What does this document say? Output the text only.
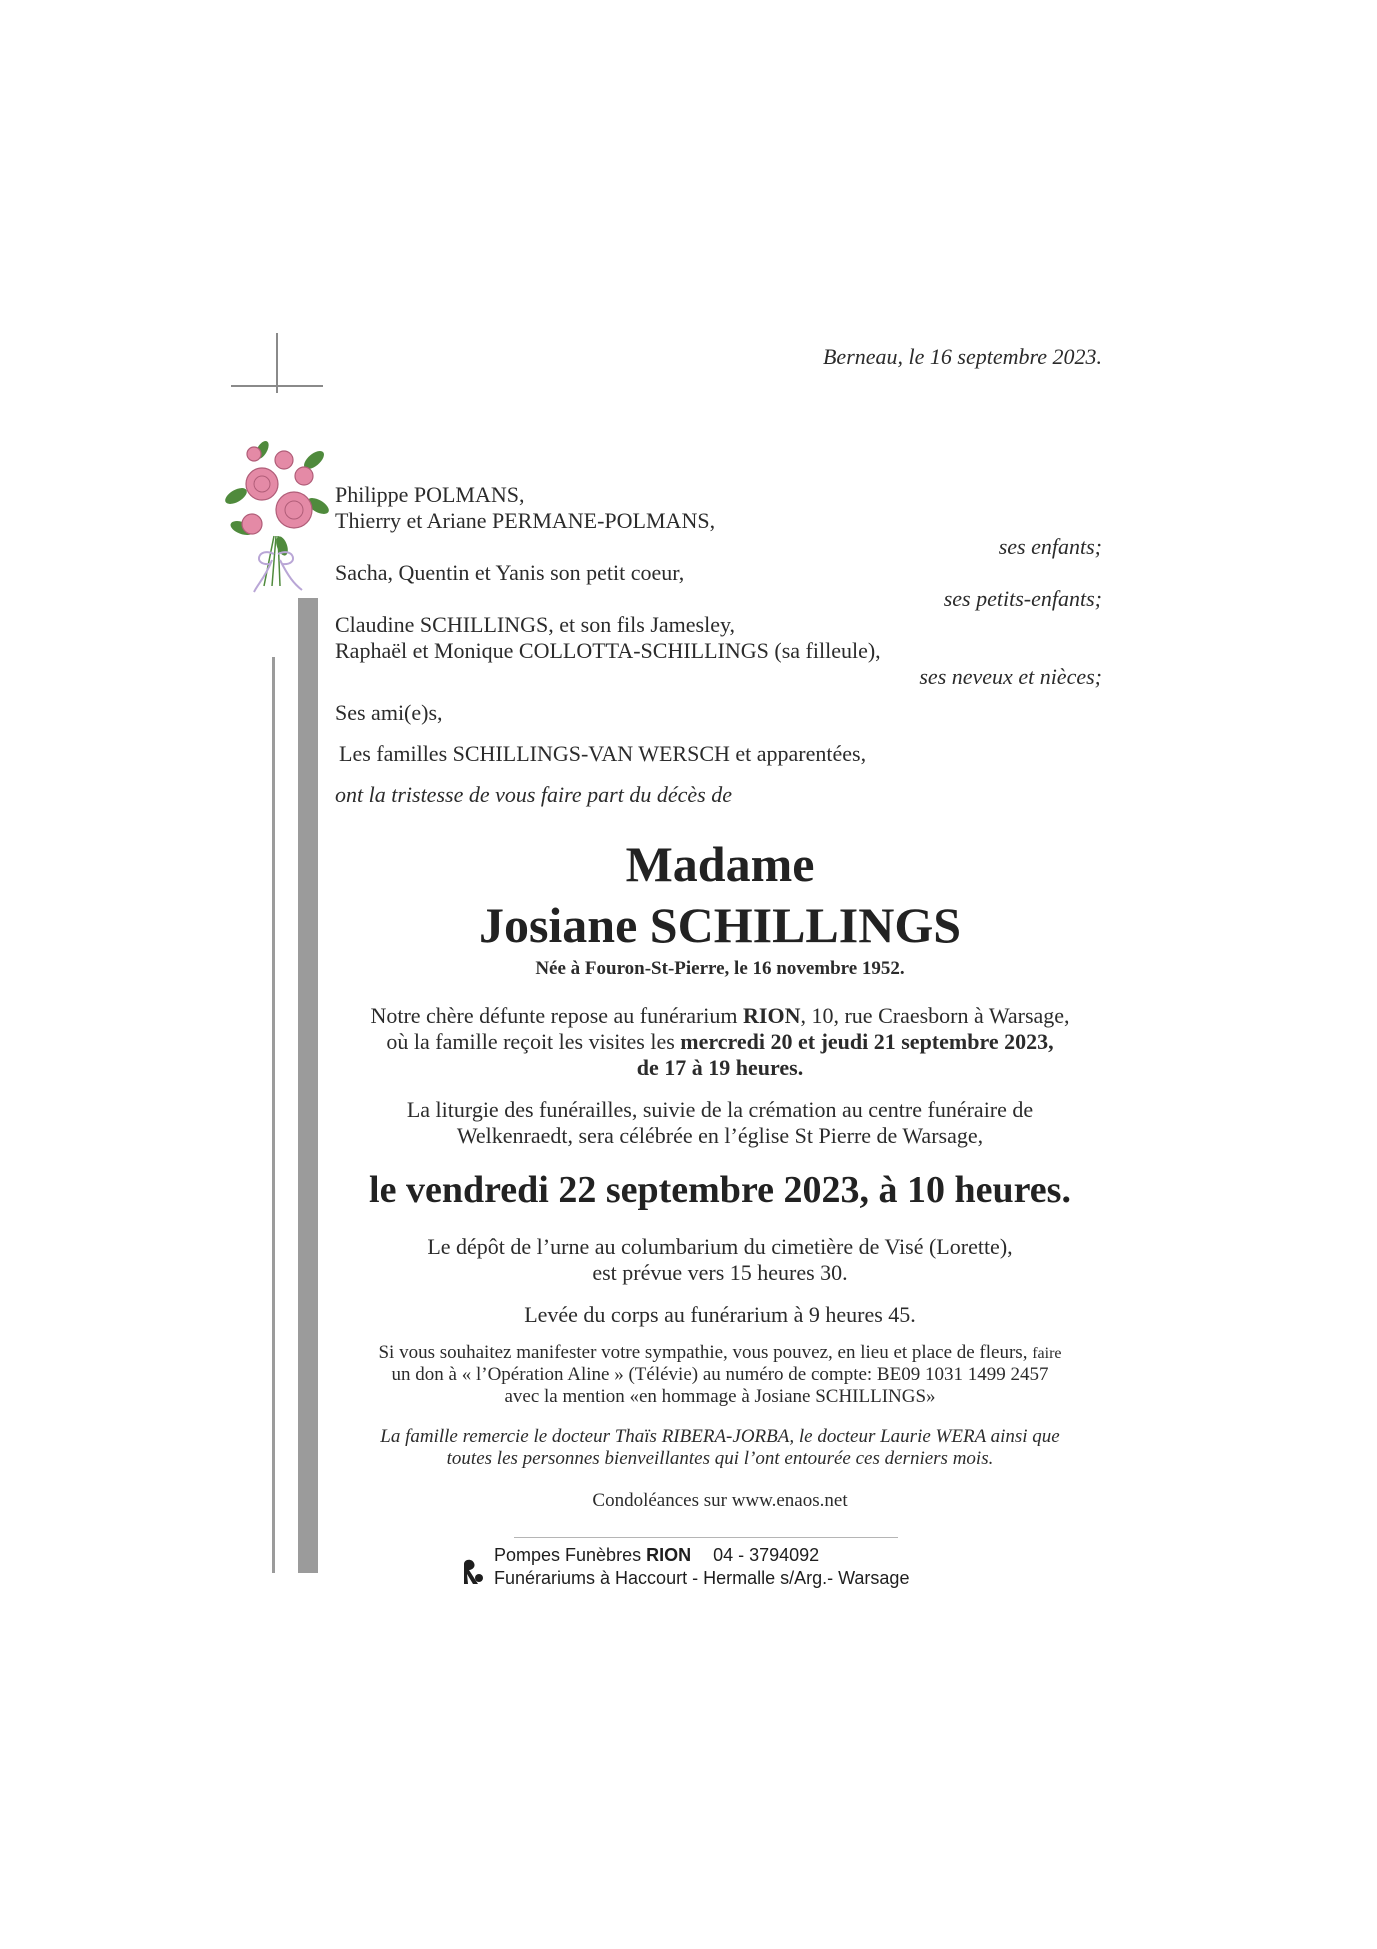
Berneau, le 16 septembre 2023.
Philippe POLMANS,
Thierry et Ariane PERMANE-POLMANS,
ses enfants;
Sacha, Quentin et Yanis son petit coeur,
ses petits-enfants;
Claudine SCHILLINGS, et son fils Jamesley,
Raphaël et Monique COLLOTTA-SCHILLINGS (sa filleule),
ses neveux et nièces;
Ses ami(e)s,
Les familles SCHILLINGS-VAN WERSCH et apparentées,
ont la tristesse de vous faire part du décès de
Madame
Josiane SCHILLINGS
Née à Fouron-St-Pierre, le 16 novembre 1952.
Notre chère défunte repose au funérarium RION, 10, rue Craesborn à Warsage,
où la famille reçoit les visites les mercredi 20 et jeudi 21 septembre 2023,
de 17 à 19 heures.
La liturgie des funérailles, suivie de la crémation au centre funéraire de
Welkenraedt, sera célébrée en l’église St Pierre de Warsage,
le vendredi 22 septembre 2023, à 10 heures.
Le dépôt de l’urne au columbarium du cimetière de Visé (Lorette),
est prévue vers 15 heures 30.
Levée du corps au funérarium à 9 heures 45.
Si vous souhaitez manifester votre sympathie, vous pouvez, en lieu et place de fleurs, faire
un don à « l’Opération Aline » (Télévie) au numéro de compte: BE09 1031 1499 2457
avec la mention «en hommage à Josiane SCHILLINGS»
La famille remercie le docteur Thaïs RIBERA-JORBA, le docteur Laurie WERA ainsi que
toutes les personnes bienveillantes qui l’ont entourée ces derniers mois.
Condoléances sur www.enaos.net
Pompes Funèbres RION 04 - 3794092
Funérariums à Haccourt - Hermalle s/Arg.- Warsage
